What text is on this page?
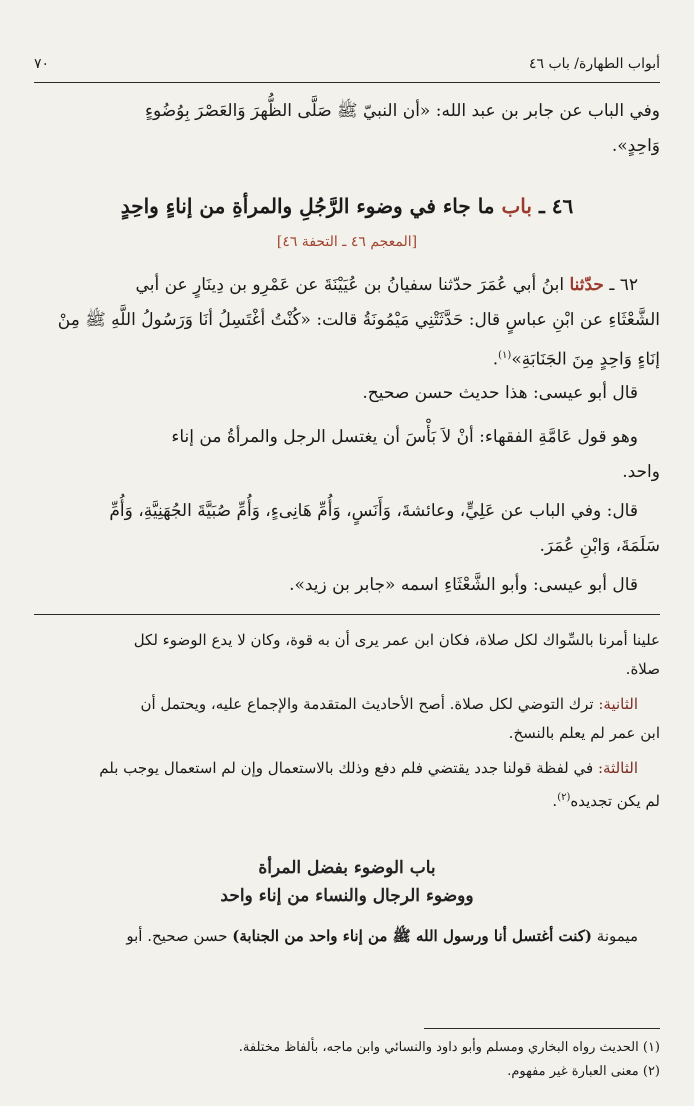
أبواب الطهارة/ باب ٤٦
٧٠
وفي الباب عن جابر بن عبد الله: «أن النبيّ ﷺ صَلَّى الظُّهرَ وَالعَصْرَ بِوُضُوءٍ
وَاحِدٍ».
٤٦ ـ باب ما جاء في وضوء الرَّجُلِ والمرأةِ من إناءٍ واحِدٍ
[المعجم ٤٦ ـ التحفة ٤٦]
٦٢ ـ حدّثنا ابنُ أبي عُمَرَ حدّثنا سفيانُ بن عُيَيْنَةَ عن عَمْرِو بن دِينَارٍ عن أبي
الشَّعْثَاءِ عن ابْنِ عباسٍ قال: حَدَّثَتْنِي مَيْمُونَةُ قالت: «كُنْتُ أغْتَسِلُ أنَا وَرَسُولُ اللَّهِ ﷺ مِنْ
إنَاءٍ وَاحِدٍ مِنَ الجَنَابَةِ»$^{(١)}$.
قال أبو عيسى: هذا حديث حسن صحيح.
وهو قول عَامَّةِ الفقهاء: أنْ لاَ بَأْسَ أن يغتسل الرجل والمرأةُ من إناء
واحد.
قال: وفي الباب عن عَلِيٍّ، وعائشةَ، وَأَنَسٍ، وَأُمِّ هَانِىءٍ، وَأُمِّ صُبَيَّةَ الجُهَنِيَّةِ، وَأُمِّ
سَلَمَةَ، وَابْنِ عُمَرَ.
قال أبو عيسى: وأبو الشَّعْثَاءِ اسمه «جابر بن زيد».
علينا أمرنا بالسِّواك لكل صلاة، فكان ابن عمر يرى أن به قوة، وكان لا يدع الوضوء لكل
صلاة.
الثانية: ترك التوضي لكل صلاة. أصح الأحاديث المتقدمة والإجماع عليه، ويحتمل أن
ابن عمر لم يعلم بالنسخ.
الثالثة: في لفظة قولنا جدد يقتضي فلم دفع وذلك بالاستعمال وإن لم استعمال يوجب بلم
لم يكن تجديده$^{(٢)}$.
باب الوضوء بفضل المرأة
ووضوء الرجال والنساء من إناء واحد
ميمونة (كنت أغتسل أنا ورسول الله ﷺ من إناء واحد من الجنابة) حسن صحيح. أبو
(١) الحديث رواه البخاري ومسلم وأبو داود والنسائي وابن ماجه، بألفاظ مختلفة.
(٢) معنى العبارة غير مفهوم.
